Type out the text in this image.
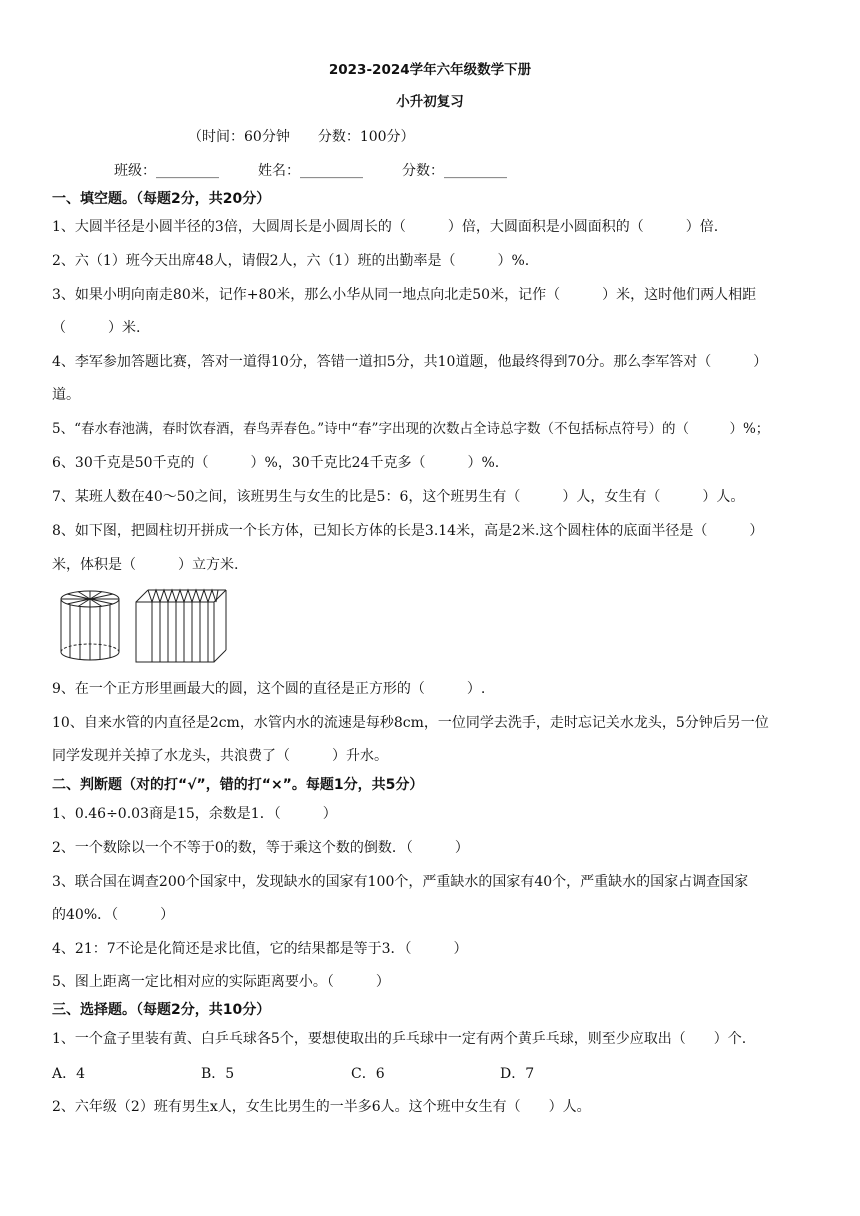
2023-2024学年六年级数学下册
小升初复习
（时间：60分钟　　分数：100分）
班级：_________	姓名：_________	分数：_________
一、填空题。（每题2分，共20分）
1、大圆半径是小圆半径的3倍，大圆周长是小圆周长的（　　　）倍，大圆面积是小圆面积的（　　　）倍.
2、六（1）班今天出席48人，请假2人，六（1）班的出勤率是（　　　）%.
3、如果小明向南走80米，记作+80米，那么小华从同一地点向北走50米，记作（　　　）米，这时他们两人相距
（　　　）米.
4、李军参加答题比赛，答对一道得10分，答错一道扣5分，共10道题，他最终得到70分。那么李军答对（　　　）
道。
5、“春水春池满，春时饮春酒，春鸟弄春色。”诗中“春”字出现的次数占全诗总字数（不包括标点符号）的（　　　）%；
6、30千克是50千克的（　　　）%，30千克比24千克多（　　　）%.
7、某班人数在40～50之间，该班男生与女生的比是5：6，这个班男生有（　　　）人，女生有（　　　）人。
8、如下图，把圆柱切开拼成一个长方体，已知长方体的长是3.14米，高是2米.这个圆柱体的底面半径是（　　　）
米，体积是（　　　）立方米.
9、在一个正方形里画最大的圆，这个圆的直径是正方形的（　　　）.
10、自来水管的内直径是2cm，水管内水的流速是每秒8cm，一位同学去洗手，走时忘记关水龙头，5分钟后另一位
同学发现并关掉了水龙头，共浪费了（　　　）升水。
二、判断题（对的打“√”，错的打“×”。每题1分，共5分）
1、0.46÷0.03商是15，余数是1．（　　　）
2、一个数除以一个不等于0的数，等于乘这个数的倒数．（　　　）
3、联合国在调查200个国家中，发现缺水的国家有100个，严重缺水的国家有40个，严重缺水的国家占调查国家
的40%．（　　　）
4、21：7不论是化简还是求比值，它的结果都是等于3．（　　　）
5、图上距离一定比相对应的实际距离要小。（　　　）
三、选择题。（每题2分，共10分）
1、一个盒子里装有黄、白乒乓球各5个，要想使取出的乒乓球中一定有两个黄乒乓球，则至少应取出（　　）个.
A．4	B．5	C．6	D．7
2、六年级（2）班有男生x人，女生比男生的一半多6人。这个班中女生有（　　）人。
